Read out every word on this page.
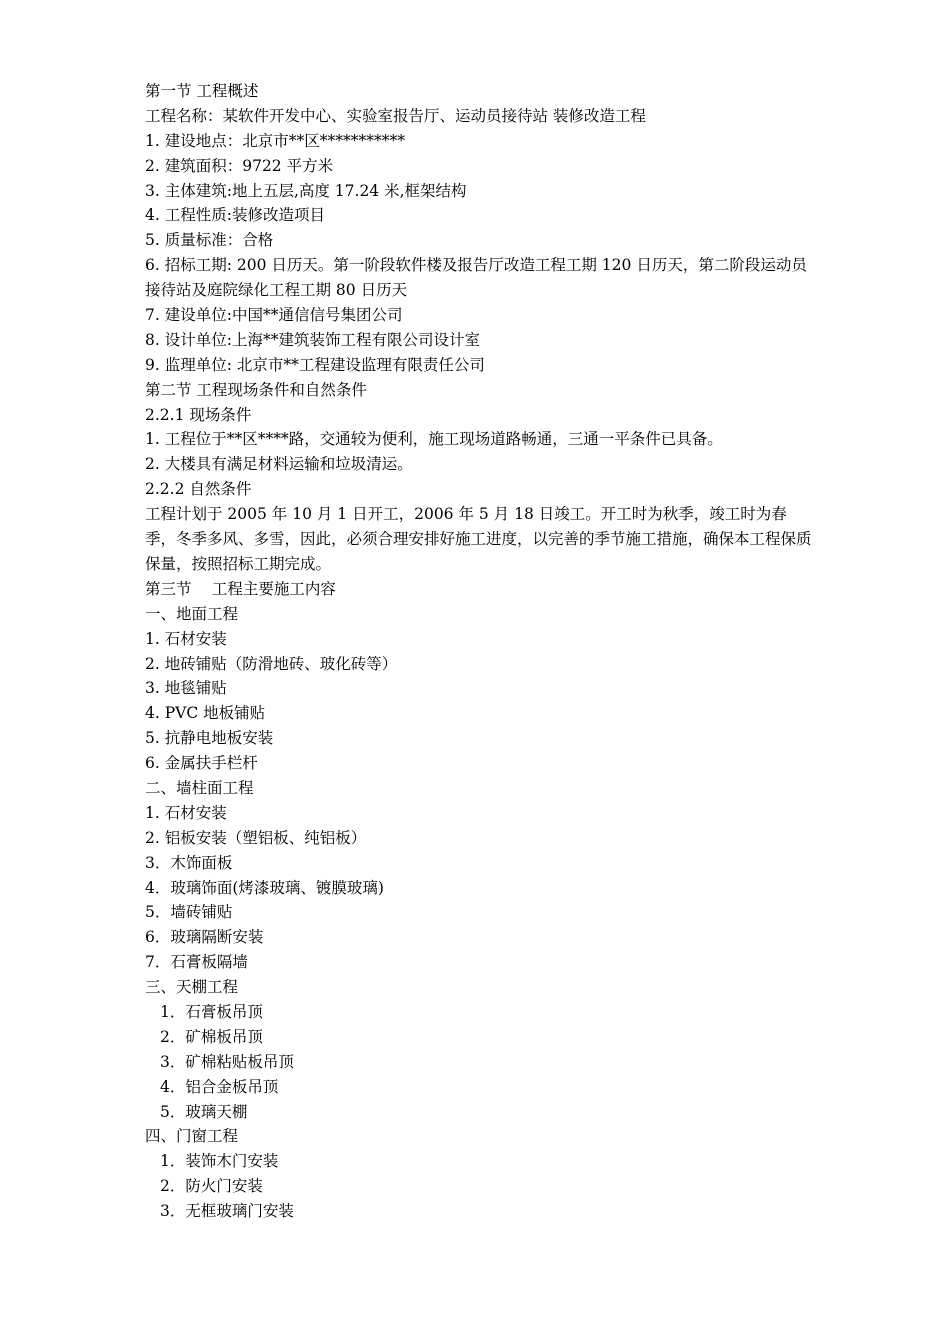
第一节 工程概述
工程名称：某软件开发中心、实验室报告厅、运动员接待站 装修改造工程
1. 建设地点：北京市**区***********
2. 建筑面积：9722 平方米
3. 主体建筑:地上五层,高度 17.24 米,框架结构
4. 工程性质:装修改造项目
5. 质量标准：合格
6. 招标工期: 200 日历天。第一阶段软件楼及报告厅改造工程工期 120 日历天，第二阶段运动员接待站及庭院绿化工程工期 80 日历天
7. 建设单位:中国**通信信号集团公司
8. 设计单位:上海**建筑装饰工程有限公司设计室
9. 监理单位: 北京市**工程建设监理有限责任公司
第二节 工程现场条件和自然条件
2.2.1 现场条件
1. 工程位于**区****路，交通较为便利，施工现场道路畅通，三通一平条件已具备。
2. 大楼具有满足材料运输和垃圾清运。
2.2.2 自然条件
工程计划于 2005 年 10 月 1 日开工，2006 年 5 月 18 日竣工。开工时为秋季，竣工时为春季，冬季多风、多雪，因此，必须合理安排好施工进度，以完善的季节施工措施，确保本工程保质保量，按照招标工期完成。
第三节　 工程主要施工内容
一、地面工程
1. 石材安装
2. 地砖铺贴（防滑地砖、玻化砖等）
3. 地毯铺贴
4. PVC 地板铺贴
5. 抗静电地板安装
6. 金属扶手栏杆
二、墙柱面工程
1. 石材安装
2. 铝板安装（塑铝板、纯铝板）
3．木饰面板
4．玻璃饰面(烤漆玻璃、镀膜玻璃)
5．墙砖铺贴
6．玻璃隔断安装
7．石膏板隔墙
三、天棚工程
1．石膏板吊顶
2．矿棉板吊顶
3．矿棉粘贴板吊顶
4．铝合金板吊顶
5．玻璃天棚
四、门窗工程
1．装饰木门安装
2．防火门安装
3．无框玻璃门安装
